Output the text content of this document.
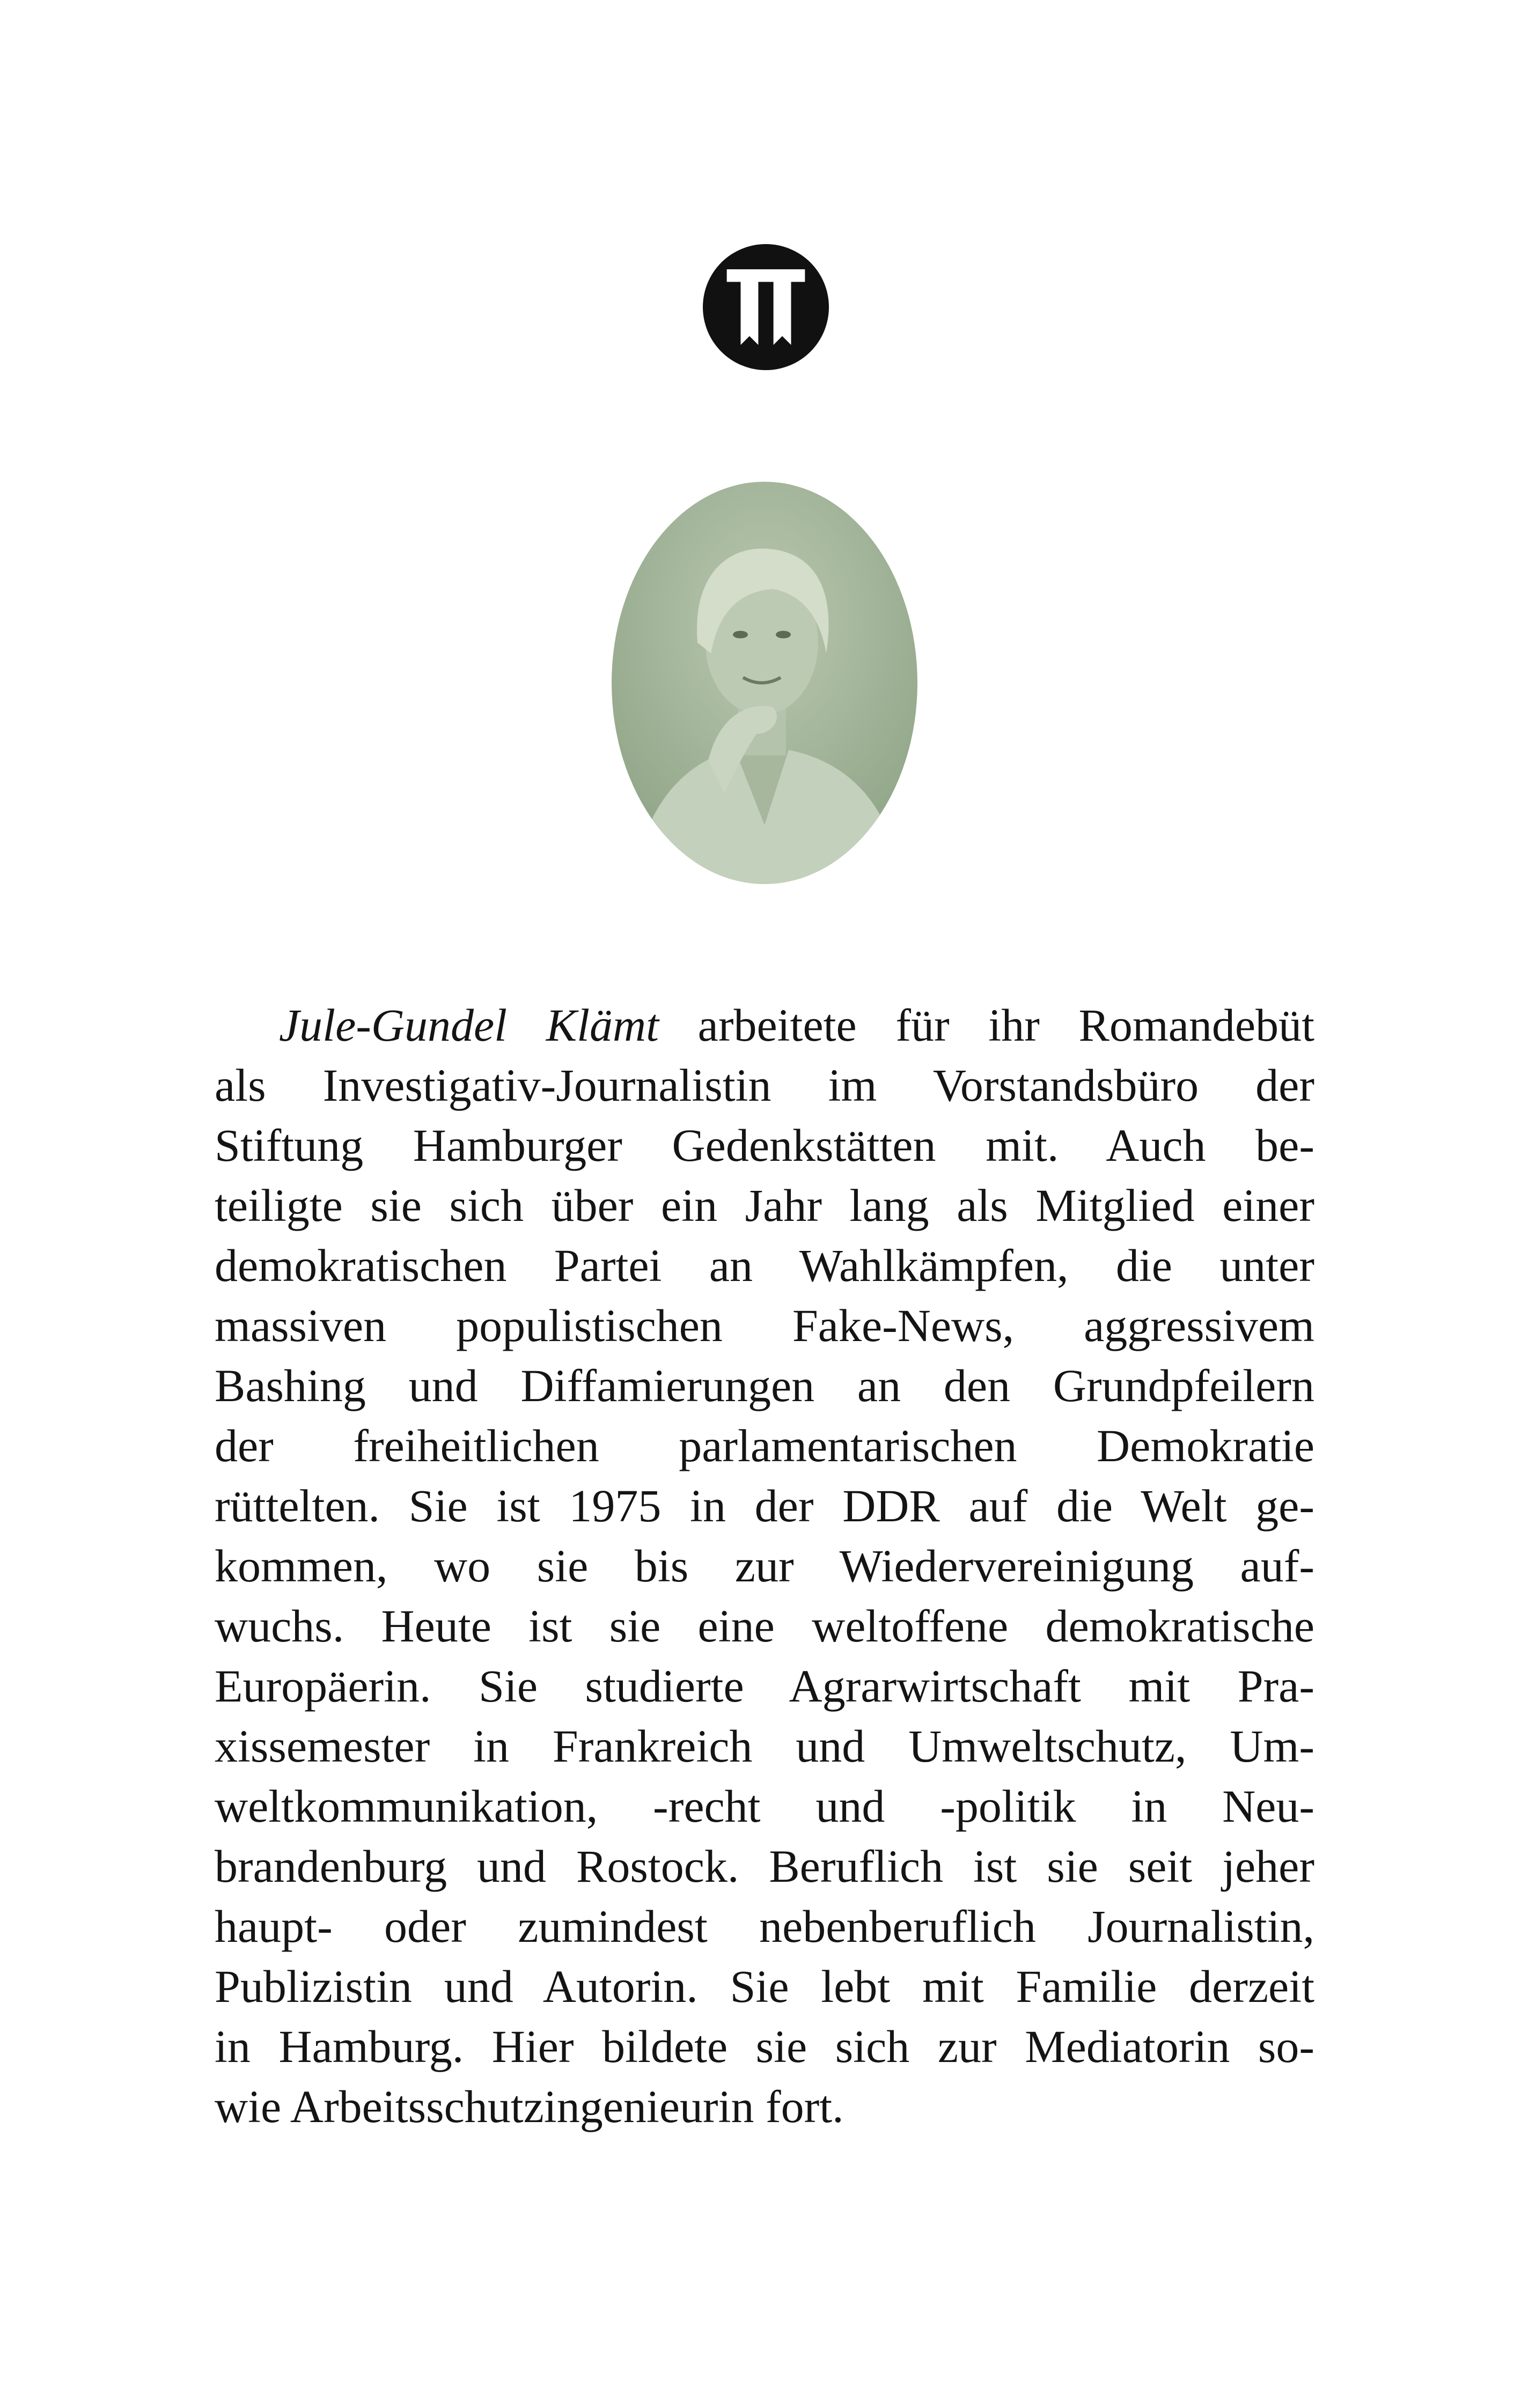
Jule-Gundel Klämt arbeitete für ihr Romandebüt
als Investigativ-Journalistin im Vorstandsbüro der
Stiftung Hamburger Gedenkstätten mit. Auch be-
teiligte sie sich über ein Jahr lang als Mitglied einer
demokratischen Partei an Wahlkämpfen, die unter
massiven populistischen Fake-News, aggressivem
Bashing und Diffamierungen an den Grundpfeilern
der freiheitlichen parlamentarischen Demokratie
rüttelten. Sie ist 1975 in der DDR auf die Welt ge-
kommen, wo sie bis zur Wiedervereinigung auf-
wuchs. Heute ist sie eine weltoffene demokratische
Europäerin. Sie studierte Agrarwirtschaft mit Pra-
xissemester in Frankreich und Umweltschutz, Um-
weltkommunikation, -recht und -politik in Neu-
brandenburg und Rostock. Beruflich ist sie seit jeher
haupt- oder zumindest nebenberuflich Journalistin,
Publizistin und Autorin. Sie lebt mit Familie derzeit
in Hamburg. Hier bildete sie sich zur Mediatorin so-
wie Arbeitsschutzingenieurin fort.
